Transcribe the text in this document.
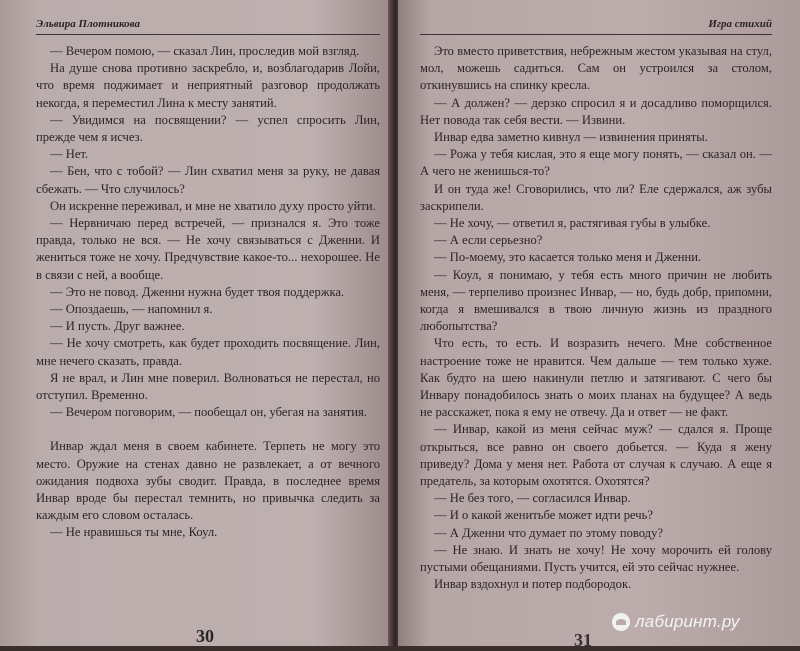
Эльвира Плотникова

— Вечером помою, — сказал Лин, проследив мой взгляд.

На душе снова противно заскребло, и, возблагодарив Лойи, что время поджимает и неприятный разговор продолжать некогда, я переместил Лина к месту занятий.

— Увидимся на посвящении? — успел спросить Лин, прежде чем я исчез.

— Нет.

— Бен, что с тобой? — Лин схватил меня за руку, не давая сбежать. — Что случилось?

Он искренне переживал, и мне не хватило духу просто уйти.

— Нервничаю перед встречей, — признался я. Это тоже правда, только не вся. — Не хочу связываться с Дженни. И жениться тоже не хочу. Предчувствие какое-то... нехорошее. Не в связи с ней, а вообще.

— Это не повод. Дженни нужна будет твоя поддержка.

— Опоздаешь, — напомнил я.

— И пусть. Друг важнее.

— Не хочу смотреть, как будет проходить посвящение. Лин, мне нечего сказать, правда.

Я не врал, и Лин мне поверил. Волноваться не перестал, но отступил. Временно.

— Вечером поговорим, — пообещал он, убегая на занятия.

Инвар ждал меня в своем кабинете. Терпеть не могу это место. Оружие на стенах давно не развлекает, а от вечного ожидания подвоха зубы сводит. Правда, в последнее время Инвар вроде бы перестал темнить, но привычка следить за каждым его словом осталась.

— Не нравишься ты мне, Коул.

30
Игра стихий

Это вместо приветствия, небрежным жестом указывая на стул, мол, можешь садиться. Сам он устроился за столом, откинувшись на спинку кресла.

— А должен? — дерзко спросил я и досадливо поморщился. Нет повода так себя вести. — Извини.

Инвар едва заметно кивнул — извинения приняты.

— Рожа у тебя кислая, это я еще могу понять, — сказал он. — А чего не женишься-то?

И он туда же! Сговорились, что ли? Еле сдержался, аж зубы заскрипели.

— Не хочу, — ответил я, растягивая губы в улыбке.

— А если серьезно?

— По-моему, это касается только меня и Дженни.

— Коул, я понимаю, у тебя есть много причин не любить меня, — терпеливо произнес Инвар, — но, будь добр, припомни, когда я вмешивался в твою личную жизнь из праздного любопытства?

Что есть, то есть. И возразить нечего. Мне собственное настроение тоже не нравится. Чем дальше — тем только хуже. Как будто на шею накинули петлю и затягивают. С чего бы Инвару понадобилось знать о моих планах на будущее? А ведь не расскажет, пока я ему не отвечу. Да и ответ — не факт.

— Инвар, какой из меня сейчас муж? — сдался я. Проще открыться, все равно он своего добьется. — Куда я жену приведу? Дома у меня нет. Работа от случая к случаю. А еще я предатель, за которым охотятся. Охотятся?

— Не без того, — согласился Инвар.

— И о какой женитьбе может идти речь?

— А Дженни что думает по этому поводу?

— Не знаю. И знать не хочу! Не хочу морочить ей голову пустыми обещаниями. Пусть учится, ей это сейчас нужнее.

Инвар вздохнул и потер подбородок.

31
лабиринт.ру
